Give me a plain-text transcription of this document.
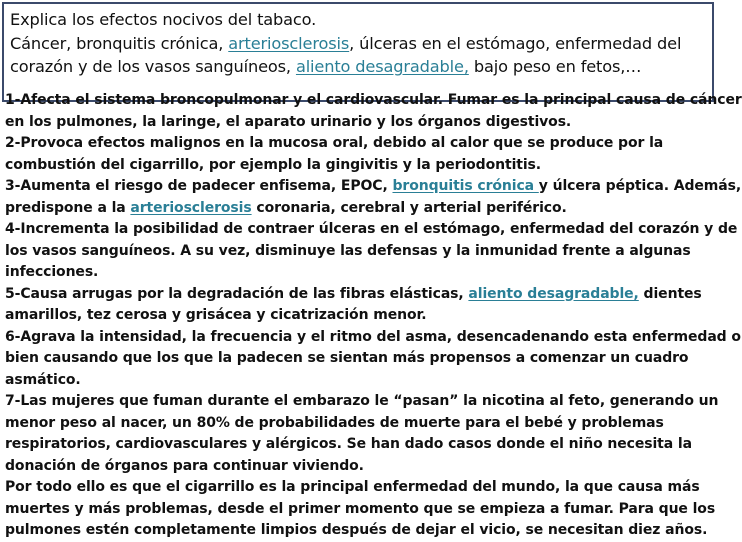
Explica los efectos nocivos del tabaco.
Cáncer, bronquitis crónica, arteriosclerosis, úlceras en el estómago, enfermedad del
corazón y de los vasos sanguíneos, aliento desagradable, bajo peso en fetos,…
1-Afecta el sistema broncopulmonar y el cardiovascular. Fumar es la principal causa de cáncer
en los pulmones, la laringe, el aparato urinario y los órganos digestivos.
2-Provoca efectos malignos en la mucosa oral, debido al calor que se produce por la
combustión del cigarrillo, por ejemplo la gingivitis y la periodontitis.
3-Aumenta el riesgo de padecer enfisema, EPOC, bronquitis crónica y úlcera péptica. Además,
predispone a la arteriosclerosis coronaria, cerebral y arterial periférico.
4-Incrementa la posibilidad de contraer úlceras en el estómago, enfermedad del corazón y de
los vasos sanguíneos. A su vez, disminuye las defensas y la inmunidad frente a algunas
infecciones.
5-Causa arrugas por la degradación de las fibras elásticas, aliento desagradable, dientes
amarillos, tez cerosa y grisácea y cicatrización menor.
6-Agrava la intensidad, la frecuencia y el ritmo del asma, desencadenando esta enfermedad o
bien causando que los que la padecen se sientan más propensos a comenzar un cuadro
asmático.
7-Las mujeres que fuman durante el embarazo le “pasan” la nicotina al feto, generando un
menor peso al nacer, un 80% de probabilidades de muerte para el bebé y problemas
respiratorios, cardiovasculares y alérgicos. Se han dado casos donde el niño necesita la
donación de órganos para continuar viviendo.
Por todo ello es que el cigarrillo es la principal enfermedad del mundo, la que causa más
muertes y más problemas, desde el primer momento que se empieza a fumar. Para que los
pulmones estén completamente limpios después de dejar el vicio, se necesitan diez años.
